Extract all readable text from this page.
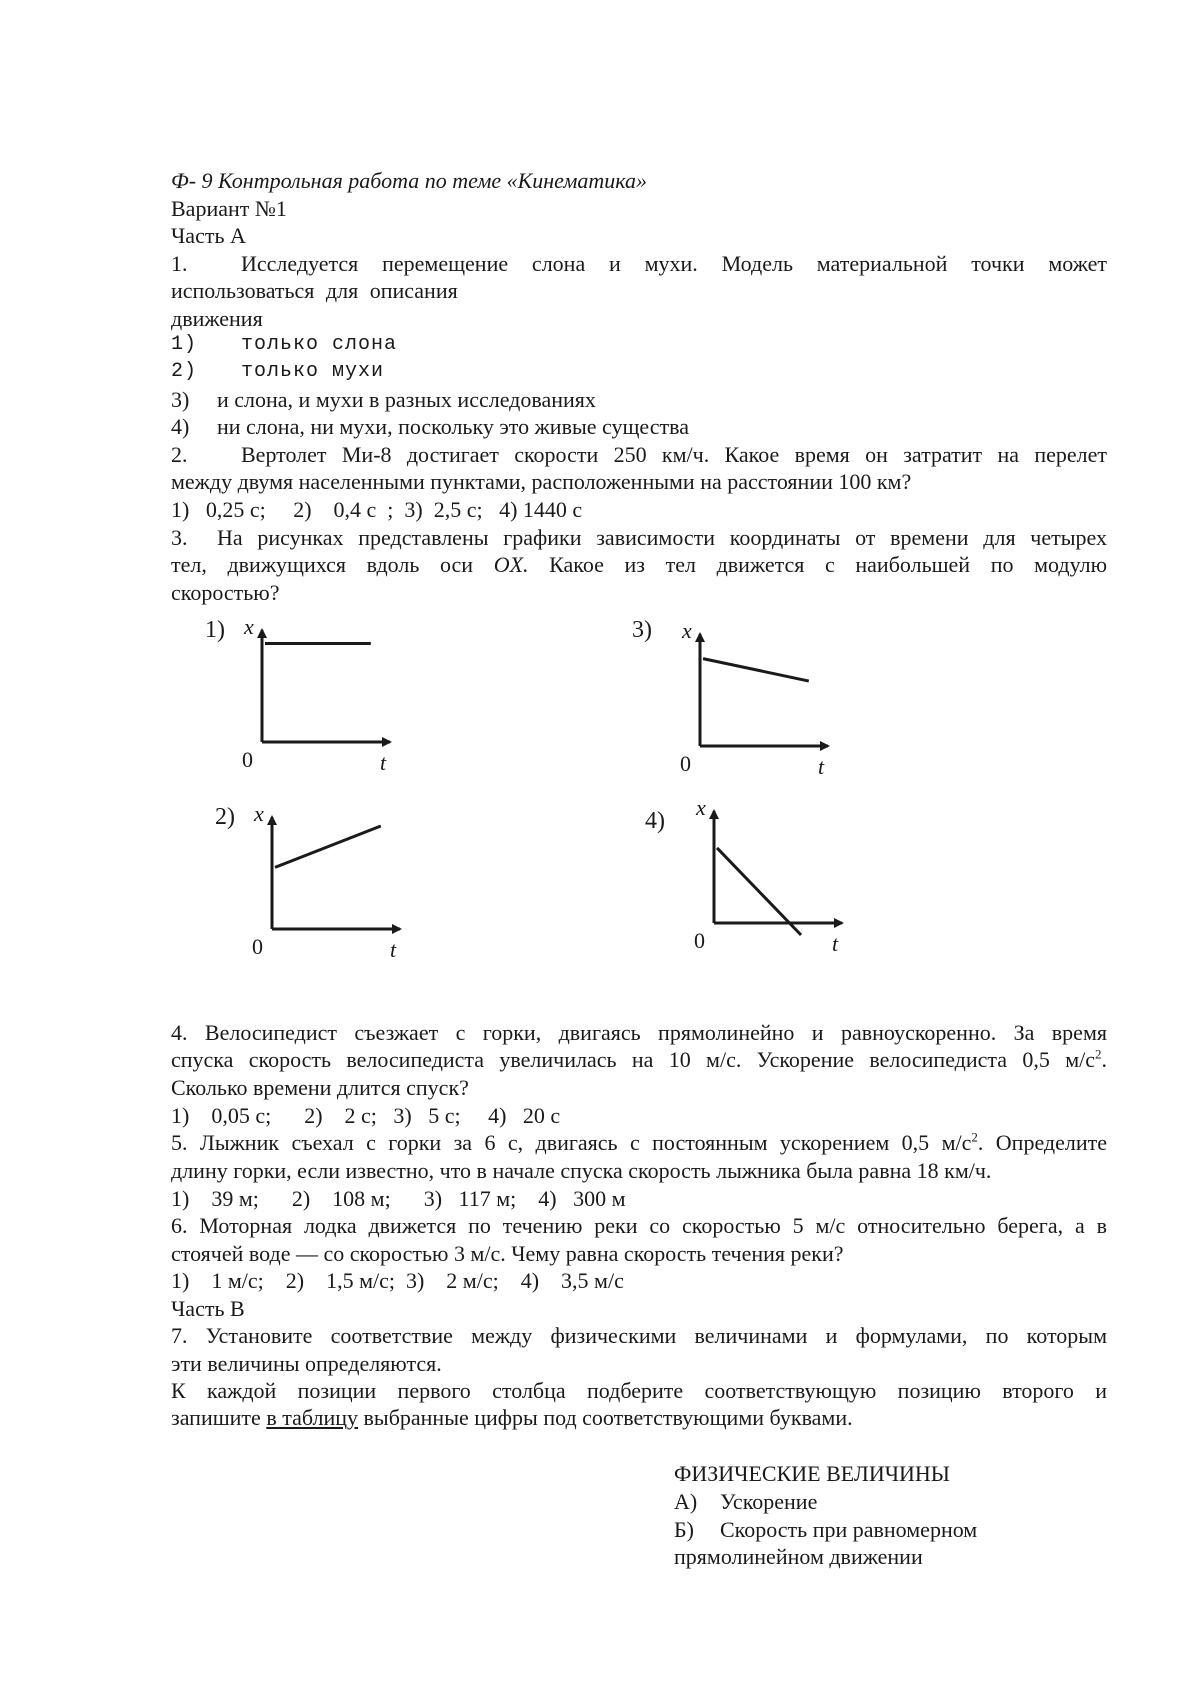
Ф- 9 Контрольная работа по теме «Кинематика»
Вариант №1
Часть А
1. Исследуется перемещение слона и мухи. Модель материальной точки может
использоваться для описания
движения
1) только слона
2) только мухи
3) и слона, и мухи в разных исследованиях
4) ни слона, ни мухи, поскольку это живые существа
2. Вертолет Ми-8 достигает скорости 250 км/ч. Какое время он затратит на перелет
между двумя населенными пунктами, расположенными на расстоянии 100 км?
1)   0,25 с;     2)    0,4 с  ;  3)  2,5 с;   4) 1440 с
3. На рисунках представлены графики зависимости координаты от времени для четырех
тел, движущихся вдоль оси OX. Какое из тел движется с наибольшей по модулю
скоростью?
1) x
t
0
2) x
t
0
3) x
t
0
4)
x
t
0
4. Велосипедист съезжает с горки, двигаясь прямолинейно и равноускоренно. За время
спуска скорость велосипедиста увеличилась на 10 м/с. Ускорение велосипедиста 0,5 $м/с^2$.
Сколько времени длится спуск?
1)    0,05 с;      2)    2 с;   3)   5 с;     4)   20 с
5. Лыжник съехал с горки за 6 с, двигаясь с постоянным ускорением 0,5 $м/с^2$. Определите
длину горки, если известно, что в начале спуска скорость лыжника была равна 18 км/ч.
1)    39 м;      2)    108 м;      3)   117 м;    4)   300 м
6. Моторная лодка движется по течению реки со скоростью 5 м/с относительно берега, а в
стоячей воде — со скоростью 3 м/с. Чему равна скорость течения реки?
1)    1 м/с;    2)    1,5 м/с;  3)    2 м/с;    4)    3,5 м/с
Часть В
7. Установите соответствие между физическими величинами и формулами, по которым
эти величины определяются.
К каждой позиции первого столбца подберите соответствующую позицию второго и
запишите в таблицу выбранные цифры под соответствующими буквами.
ФИЗИЧЕСКИЕ ВЕЛИЧИНЫ
А) Ускорение
Б) Скорость при равномерном
прямолинейном движении
